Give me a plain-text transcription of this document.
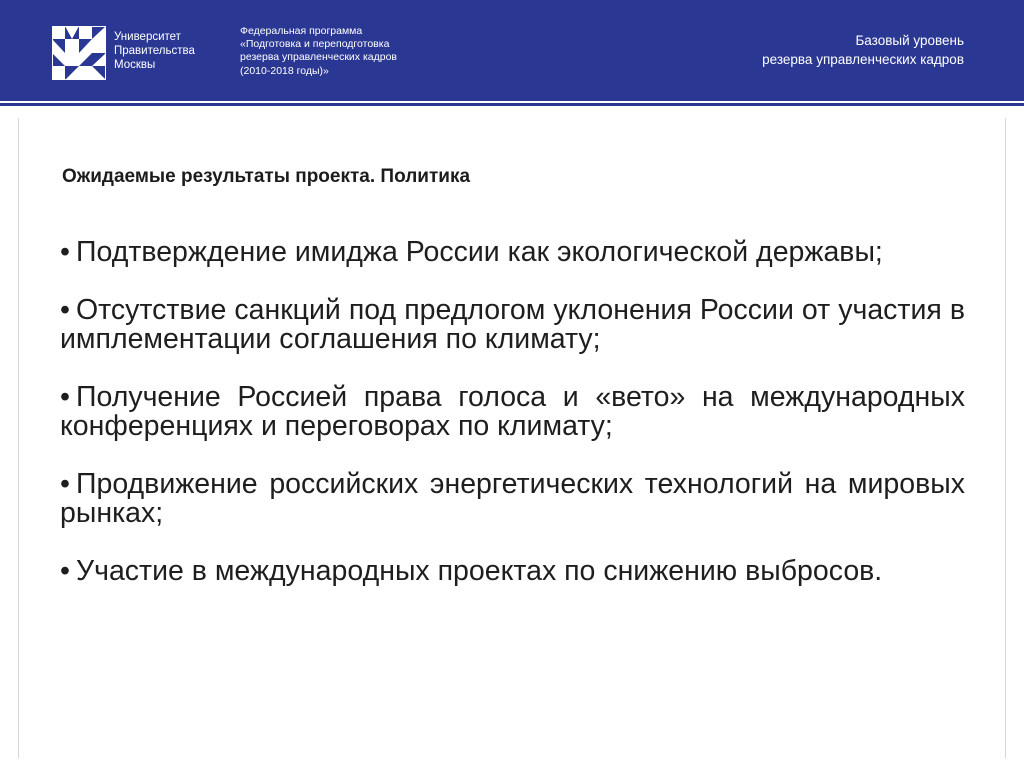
Университет
Правительства
Москвы
Федеральная программа
«Подготовка и переподготовка
резерва управленческих кадров
(2010-2018 годы)»
Базовый уровень
резерва управленческих кадров
Ожидаемые результаты проекта. Политика
• Подтверждение имиджа России как экологической державы;
• Отсутствие санкций под предлогом уклонения России от участия в имплементации соглашения по климату;
• Получение Россией права голоса и «вето» на международных конференциях и переговорах по климату;
• Продвижение российских энергетических технологий на мировых рынках;
• Участие в международных проектах по снижению выбросов.
